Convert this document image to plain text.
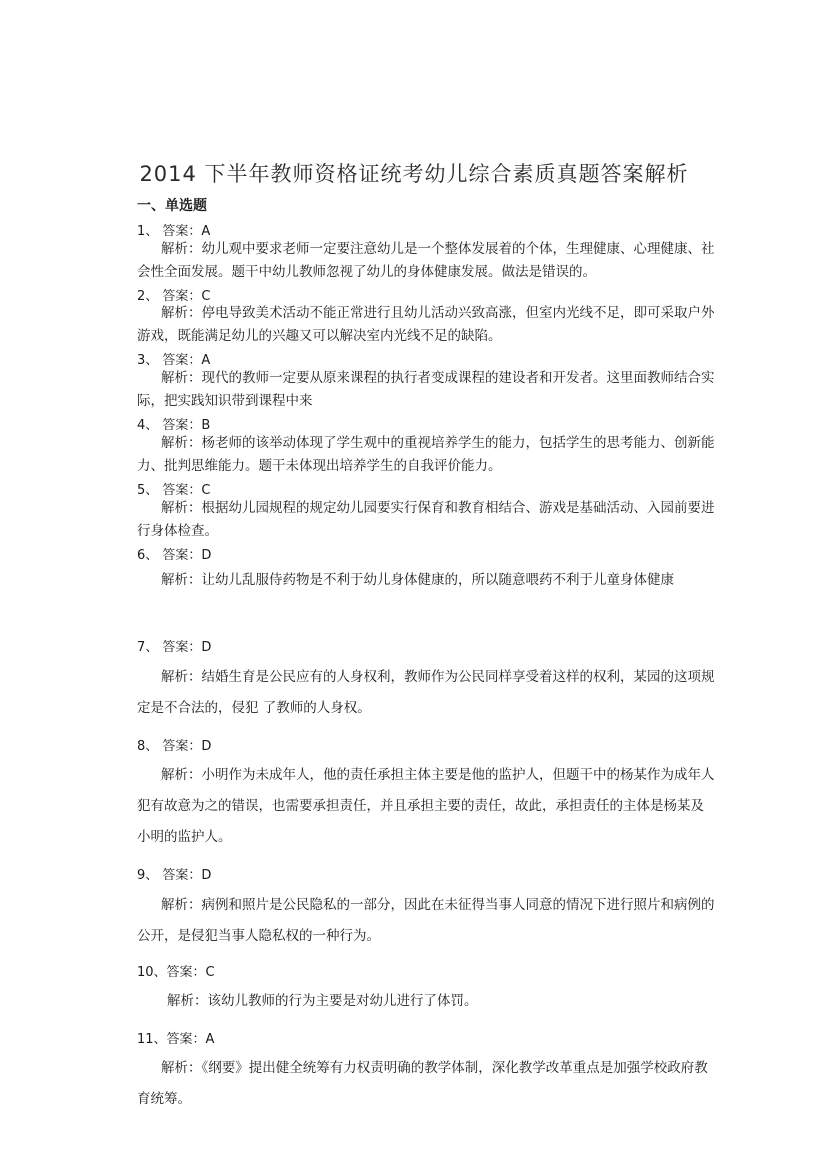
2014 下半年教师资格证统考幼儿综合素质真题答案解析
一、单选题
1、 答案：A
解析：幼儿观中要求老师一定要注意幼儿是一个整体发展着的个体，生理健康、心理健康、社会性全面发展。题干中幼儿教师忽视了幼儿的身体健康发展。做法是错误的。
2、 答案：C
解析：停电导致美术活动不能正常进行且幼儿活动兴致高涨，但室内光线不足，即可采取户外游戏，既能满足幼儿的兴趣又可以解决室内光线不足的缺陷。
3、 答案：A
解析：现代的教师一定要从原来课程的执行者变成课程的建设者和开发者。这里面教师结合实际，把实践知识带到课程中来
4、 答案：B
解析：杨老师的该举动体现了学生观中的重视培养学生的能力，包括学生的思考能力、创新能力、批判思维能力。题干未体现出培养学生的自我评价能力。
5、 答案：C
解析：根据幼儿园规程的规定幼儿园要实行保育和教育相结合、游戏是基础活动、入园前要进行身体检查。
6、 答案：D
解析：让幼儿乱服侍药物是不利于幼儿身体健康的，所以随意喂药不利于儿童身体健康
7、 答案：D
解析：结婚生育是公民应有的人身权利，教师作为公民同样享受着这样的权利，某园的这项规定是不合法的，侵犯 了教师的人身权。
8、 答案：D
解析：小明作为未成年人，他的责任承担主体主要是他的监护人，但题干中的杨某作为成年人犯有故意为之的错误，也需要承担责任，并且承担主要的责任，故此，承担责任的主体是杨某及小明的监护人。
9、 答案：D
解析：病例和照片是公民隐私的一部分，因此在未征得当事人同意的情况下进行照片和病例的公开，是侵犯当事人隐私权的一种行为。
10、答案：C
解析：该幼儿教师的行为主要是对幼儿进行了体罚。
11、答案：A
解析：《纲要》提出健全统筹有力权责明确的教学体制，深化教学改革重点是加强学校政府教育统筹。
